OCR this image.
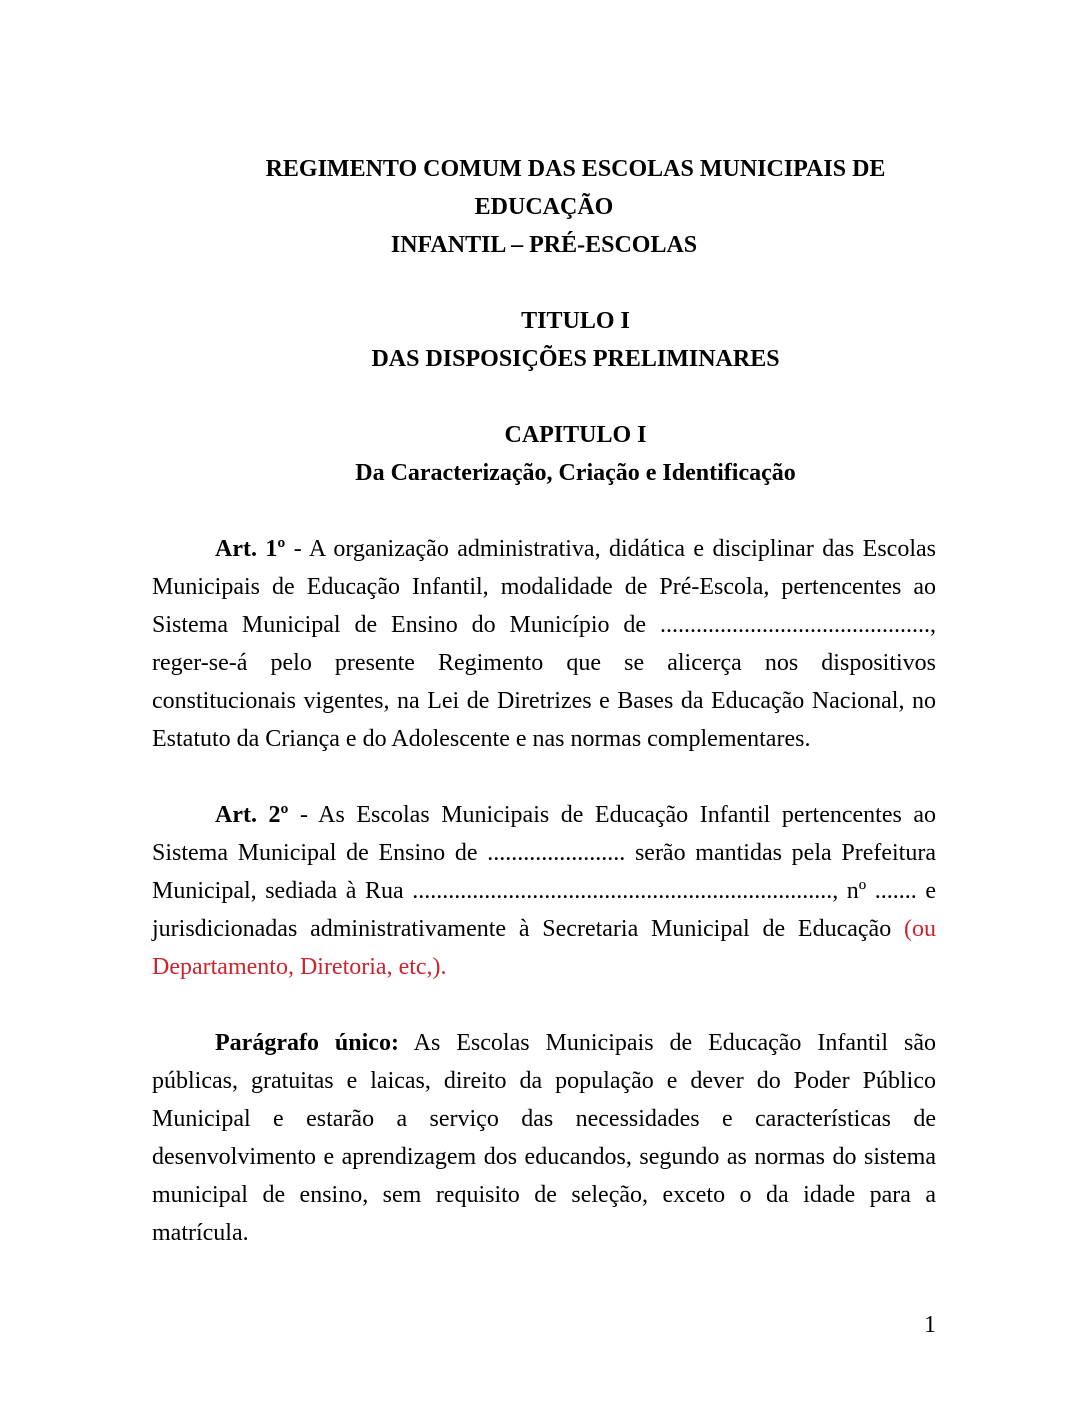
REGIMENTO COMUM DAS ESCOLAS MUNICIPAIS DE EDUCAÇÃO
INFANTIL – PRÉ-ESCOLAS

TITULO I

DAS DISPOSIÇÕES PRELIMINARES

CAPITULO I

Da Caracterização, Criação e Identificação

Art. 1º - A organização administrativa, didática e disciplinar das Escolas Municipais de Educação Infantil, modalidade de Pré-Escola, pertencentes ao Sistema Municipal de Ensino do Município de ............................................., reger-se-á pelo presente Regimento que se alicerça nos dispositivos constitucionais vigentes, na Lei de Diretrizes e Bases da Educação Nacional, no Estatuto da Criança e do Adolescente e nas normas complementares.

Art. 2º - As Escolas Municipais de Educação Infantil pertencentes ao Sistema Municipal de Ensino de ....................... serão mantidas pela Prefeitura Municipal, sediada à Rua ......................................................................, nº ....... e jurisdicionadas administrativamente à Secretaria Municipal de Educação (ou Departamento, Diretoria, etc,).

Parágrafo único: As Escolas Municipais de Educação Infantil são públicas, gratuitas e laicas, direito da população e dever do Poder Público Municipal e estarão a serviço das necessidades e características de desenvolvimento e aprendizagem dos educandos, segundo as normas do sistema municipal de ensino, sem requisito de seleção, exceto o da idade para a matrícula.

1
